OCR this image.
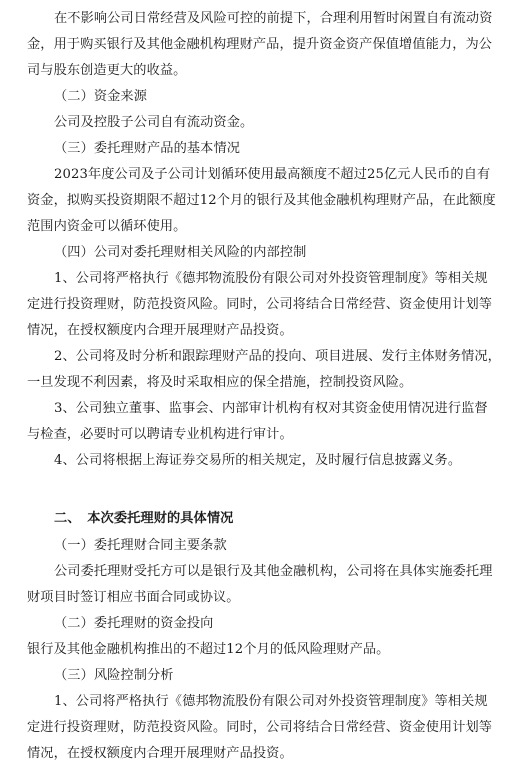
在不影响公司日常经营及风险可控的前提下，合理利用暂时闲置自有流动资
金，用于购买银行及其他金融机构理财产品，提升资金资产保值增值能力，为公
司与股东创造更大的收益。
（二）资金来源
公司及控股子公司自有流动资金。
（三）委托理财产品的基本情况
2023年度公司及子公司计划循环使用最高额度不超过25亿元人民币的自有
资金，拟购买投资期限不超过12个月的银行及其他金融机构理财产品，在此额度
范围内资金可以循环使用。
（四）公司对委托理财相关风险的内部控制
1、公司将严格执行《德邦物流股份有限公司对外投资管理制度》等相关规
定进行投资理财，防范投资风险。同时，公司将结合日常经营、资金使用计划等
情况，在授权额度内合理开展理财产品投资。
2、公司将及时分析和跟踪理财产品的投向、项目进展、发行主体财务情况，
一旦发现不利因素，将及时采取相应的保全措施，控制投资风险。
3、公司独立董事、监事会、内部审计机构有权对其资金使用情况进行监督
与检查，必要时可以聘请专业机构进行审计。
4、公司将根据上海证券交易所的相关规定，及时履行信息披露义务。
二、　本次委托理财的具体情况
（一）委托理财合同主要条款
公司委托理财受托方可以是银行及其他金融机构，公司将在具体实施委托理
财项目时签订相应书面合同或协议。
（二）委托理财的资金投向
银行及其他金融机构推出的不超过12个月的低风险理财产品。
（三）风险控制分析
1、公司将严格执行《德邦物流股份有限公司对外投资管理制度》等相关规
定进行投资理财，防范投资风险。同时，公司将结合日常经营、资金使用计划等
情况，在授权额度内合理开展理财产品投资。
